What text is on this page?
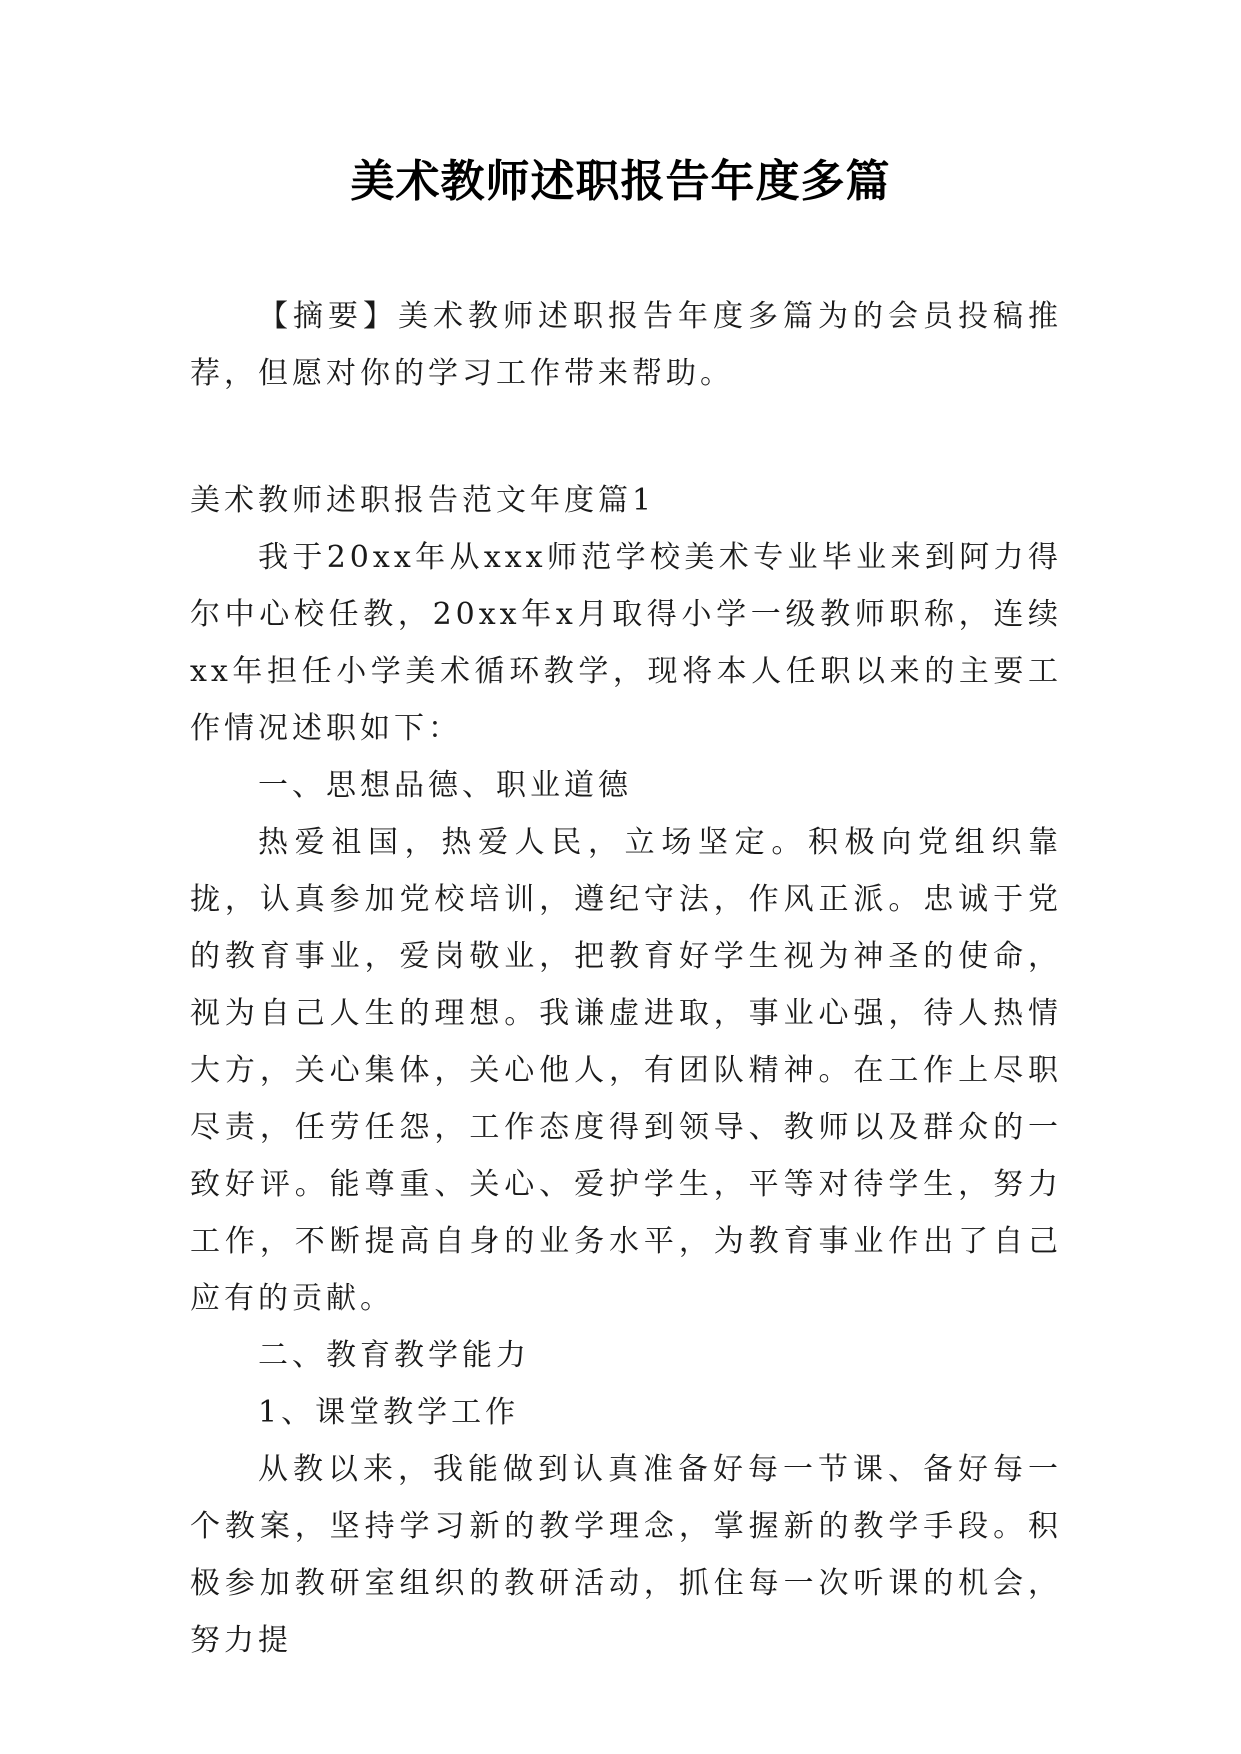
美术教师述职报告年度多篇

【摘要】美术教师述职报告年度多篇为的会员投稿推荐，但愿对你的学习工作带来帮助。

美术教师述职报告范文年度篇1

我于20xx年从xxx师范学校美术专业毕业来到阿力得尔中心校任教，20xx年x月取得小学一级教师职称，连续xx年担任小学美术循环教学，现将本人任职以来的主要工作情况述职如下：

一、思想品德、职业道德

热爱祖国，热爱人民，立场坚定。积极向党组织靠拢，认真参加党校培训，遵纪守法，作风正派。忠诚于党的教育事业，爱岗敬业，把教育好学生视为神圣的使命，视为自己人生的理想。我谦虚进取，事业心强，待人热情大方，关心集体，关心他人，有团队精神。在工作上尽职尽责，任劳任怨，工作态度得到领导、教师以及群众的一致好评。能尊重、关心、爱护学生，平等对待学生，努力工作，不断提高自身的业务水平，为教育事业作出了自己应有的贡献。

二、教育教学能力

1、课堂教学工作

从教以来，我能做到认真准备好每一节课、备好每一个教案，坚持学习新的教学理念，掌握新的教学手段。积极参加教研室组织的教研活动，抓住每一次听课的机会，努力提
